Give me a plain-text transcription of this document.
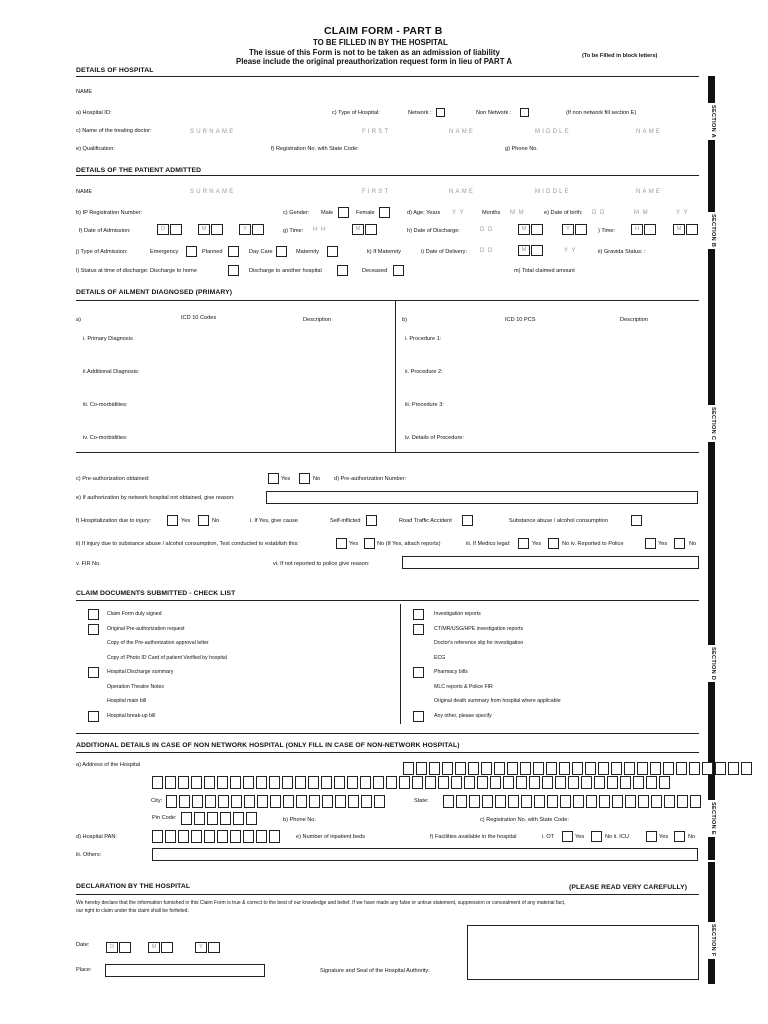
CLAIM FORM - PART B
TO BE FILLED IN BY THE HOSPITAL
The issue of this Form is not to be taken as an admission of liability
Please include the original preauthorization request form in lieu of PART A
(To be Filled in block letters)
SECTION A
SECTION B
SECTION C
SECTION D
SECTION E
SECTION F
DETAILS OF HOSPITAL
NAME
a) Hospital ID:	c) Type of Hospital:	Network :	Non Network :	(If non network fill section E)
c) Name of the treating doctor:	SURNAME	FIRST	NAME	MIDDLE	NAME
e) Qualification:	f) Registration No. with State Code:	g) Phone No.
DETAILS OF THE PATIENT ADMITTED
NAME	SURNAME	FIRST	NAME	MIDDLE	NAME
b) IP Registration Number:	c) Gender: Male	Female	d) Age: Years Y Y	Months M M	e) Date of birth: D D	M M	Y Y
f) Date of Admission:	D	M	Y	g) Time: H H	M	h) Date of Discharge:	D D	M	Y	) Time:	H	M
j) Type of Admission:	Emergency	Planned	Day Care	Maternity	k) If Maternity	i) Date of Delivery: D D	M	Y Y	ii) Gravida Status: :
l) Status at time of discharge: Discharge to home	Discharge to another hospital	Deceased	m) Total claimed amount
DETAILS OF AILMENT DIAGNOSED (PRIMARY)
a)	ICD 10 Codes	Description	b)	ICD 10 PCS	Description
i. Primary Diagnosis
ii.Additional Diagnosis:
iii. Co-morbidities:
iv. Co-morbidities:
i. Procedure 1:
ii. Procedure 2:
iii. Procedure 3:
iv. Details of Procedure:
c) Pre-authorization obtained:	Yes	No d) Pre-authorization Number:
e) If authorization by network hospital not obtained, give reason:
f) Hospitalization due to injury:	Yes	No	i. If Yes, give cause	Self-inflicted	Road Traffic Accident	Substance abuse / alcohol consumption
ii) If injury due to substance abuse / alcohol consumption, Test conducted to establish this:	Yes	No (If Yes, attach reports)	iii. If Medico legal:	Yes	No iv. Reported to Police	Yes	No
v. FIR No.	vi. If not reported to police give reason:
CLAIM DOCUMENTS SUBMITTED - CHECK LIST
ADDITIONAL DETAILS IN CASE OF NON NETWORK HOSPITAL (ONLY FILL IN CASE OF NON-NETWORK HOSPITAL)
a) Address of the Hospital
City:	State:
Pin Code:	b) Phone No.	c) Registration No. with State Code:
d) Hospital PAN:	e) Number of inpatient beds	f) Facilities available in the hospital	i. OT	Yes	No ii. ICU	Yes	No
iii. Others:
DECLARATION BY THE HOSPITAL	(PLEASE READ VERY CAREFULLY)
We hereby declare that the information furnished in this Claim Form is true & correct to the best of our knowledge and belief. If we have made any false or untrue statement, suppression or concealment of any material fact,
our right to claim under this claim shall be forfeited.
Date:	D	M	Y
Place:	Signature and Seal of the Hospital Authority:
Claim Form duly signed
Original Pre-authorization request
Copy of the Pre-authorization approval letter
Copy of Photo ID Card of patient Verified by hospital
Hospital Discharge summary
Operation Theatre Notes
Hospital main bill
Hospital break-up bill
Investigation reports
CT/MR/USG/HPE investigation reports
Doctor's reference slip for investigation
ECG
Pharmacy bills
MLC reports & Police FIR
Original death summary from hospital where applicable
Any other, please specify
